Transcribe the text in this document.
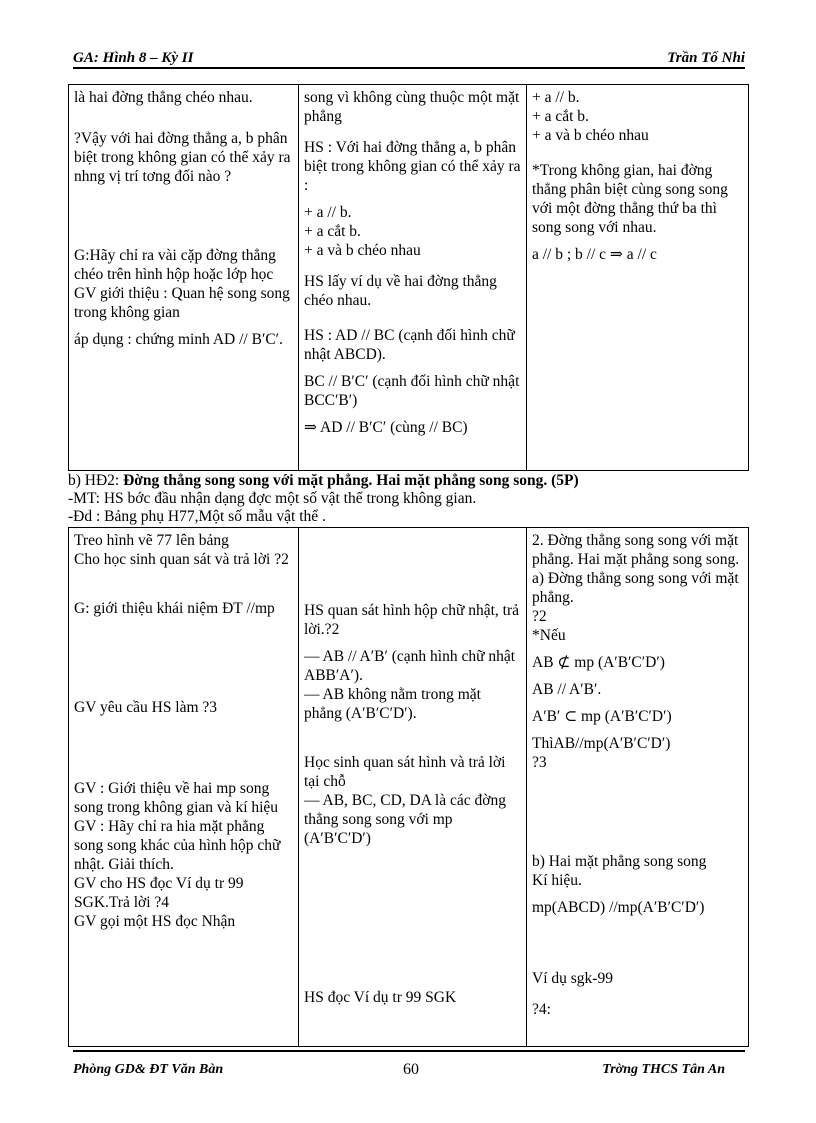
GA: Hình 8 – Kỳ II	Trần Tố Nhi
là hai đờng thẳng chéo nhau.
?Vậy với hai đờng thẳng a, b phân biệt trong không gian có thể xảy ra nhng vị trí tơng đối nào ?
G:Hãy chỉ ra vài cặp đờng thẳng chéo trên hình hộp hoặc lớp học
GV giới thiệu : Quan hệ song song trong không gian
áp dụng : chứng minh AD // B′C′.

song vì không cùng thuộc một mặt phẳng
HS : Với hai đờng thẳng a, b phân biệt trong không gian có thể xảy ra :
+ a // b.
+ a cắt b.
+ a và b chéo nhau
HS lấy ví dụ về hai đờng thẳng chéo nhau.
HS : AD // BC (cạnh đối hình chữ nhật ABCD).
BC // B′C′ (cạnh đối hình chữ nhật BCC′B′)
⇒ AD // B′C′ (cùng // BC)

+ a // b.
+ a cắt b.
+ a và b chéo nhau
*Trong không gian, hai đờng thẳng phân biệt cùng song song với một đờng thẳng thứ ba thì song song với nhau.
a // b ; b // c ⇒ a // c
b) HĐ2: Đờng thẳng song song với mặt phẳng. Hai mặt phẳng song song. (5P)
-MT: HS bớc đầu nhận dạng đợc một số vật thể trong không gian.
-Đd : Bảng phụ H77,Một số mẫu vật thể .
Treo hình vẽ 77 lên bảng
Cho học sinh quan sát và trả lời ?2
G: giới thiệu khái niệm ĐT //mp
GV yêu cầu HS làm ?3
GV : Giới thiệu về hai mp song song trong không gian và kí hiệu
GV : Hãy chỉ ra hia mặt phẳng song song khác của hình hộp chữ nhật. Giải thích.
GV cho HS đọc Ví dụ tr 99 SGK.Trả lời ?4
GV gọi một HS đọc Nhận

HS quan sát hình hộp chữ nhật, trả lời.?2
— AB // A′B′ (cạnh hình chữ nhật ABB′A′).
— AB không nằm trong mặt phẳng (A′B′C′D′).
Học sinh quan sát hình và trả lời tại chỗ
— AB, BC, CD, DA là các đờng thẳng song song với mp (A′B′C′D′)
HS đọc Ví dụ tr 99 SGK

2. Đờng thẳng song song với mặt phẳng. Hai mặt phẳng song song.
a) Đờng thẳng song song với mặt phẳng.
?2
*Nếu
AB ⊄ mp (A′B′C′D′)
AB // A′B′.
A′B′ ⊂ mp (A′B′C′D′)
ThìAB//mp(A′B′C′D′)
?3
b) Hai mặt phẳng song song
Kí hiệu.
mp(ABCD) //mp(A′B′C′D′)
Ví dụ sgk-99
?4:
Phòng GD& ĐT Văn Bàn	60	Trờng THCS Tân An
